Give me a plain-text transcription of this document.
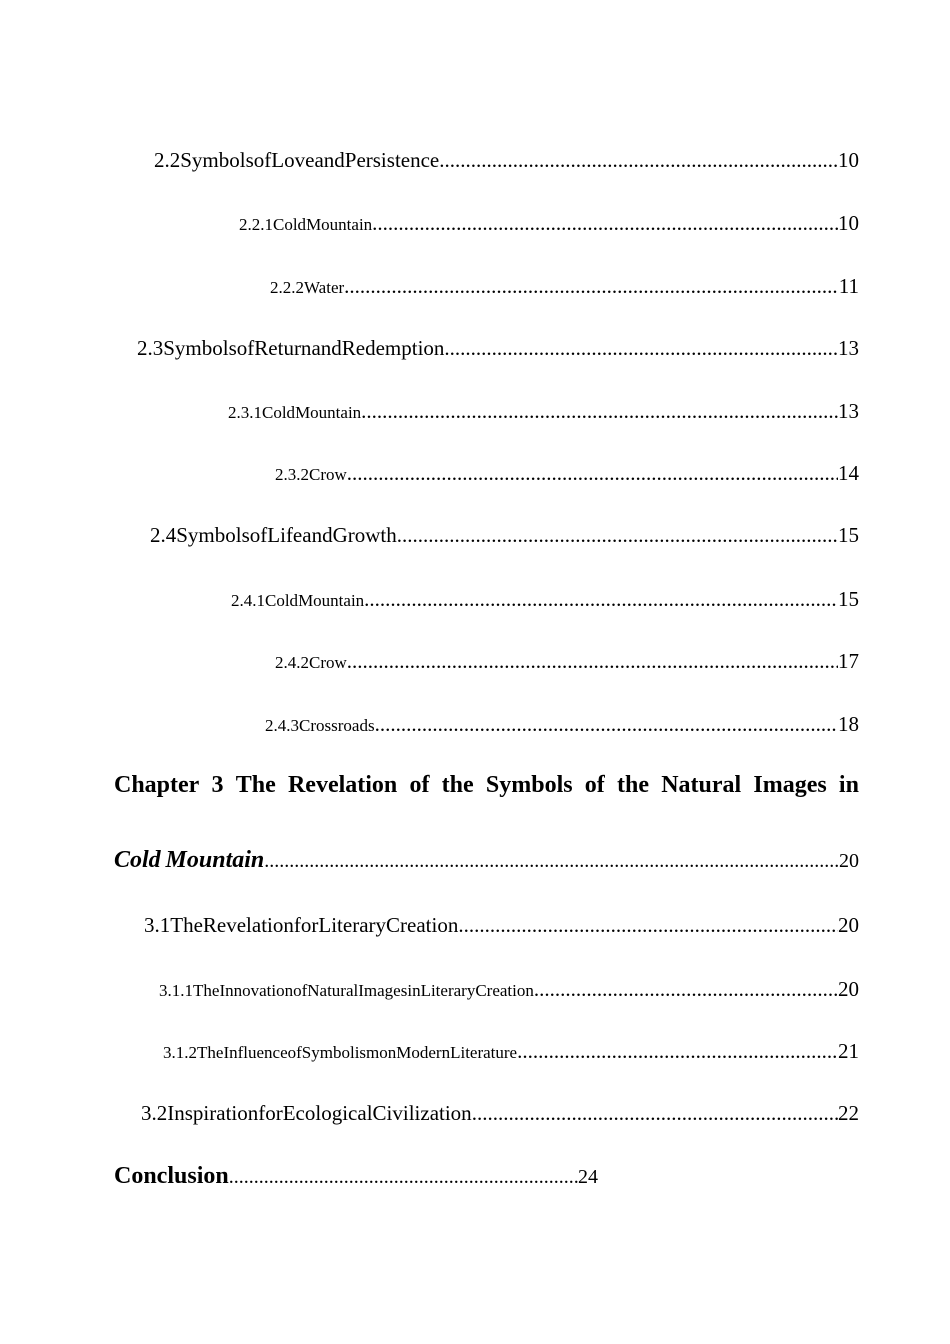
2.2 Symbols of Love and Persistence .....	10
2.2.1 Cold Mountain .....	10
2.2.2 Water .....	11
2.3 Symbols of Return and Redemption .....	13
2.3.1 Cold Mountain .....	13
2.3.2 Crow .....	14
2.4 Symbols of Life and Growth .....	15
2.4.1 Cold Mountain .....	15
2.4.2 Crow .....	17
2.4.3 Crossroads .....	18
Chapter 3 The Revelation of the Symbols of the Natural Images in
Cold Mountain .....	20
3.1 The Revelation for Literary Creation .....	20
3.1.1 The Innovation of Natural Images in Literary Creation .....	20
3.1.2 The Influence of Symbolism on Modern Literature .....	21
3.2 Inspiration for Ecological Civilization .....	22
Conclusion .....	24
